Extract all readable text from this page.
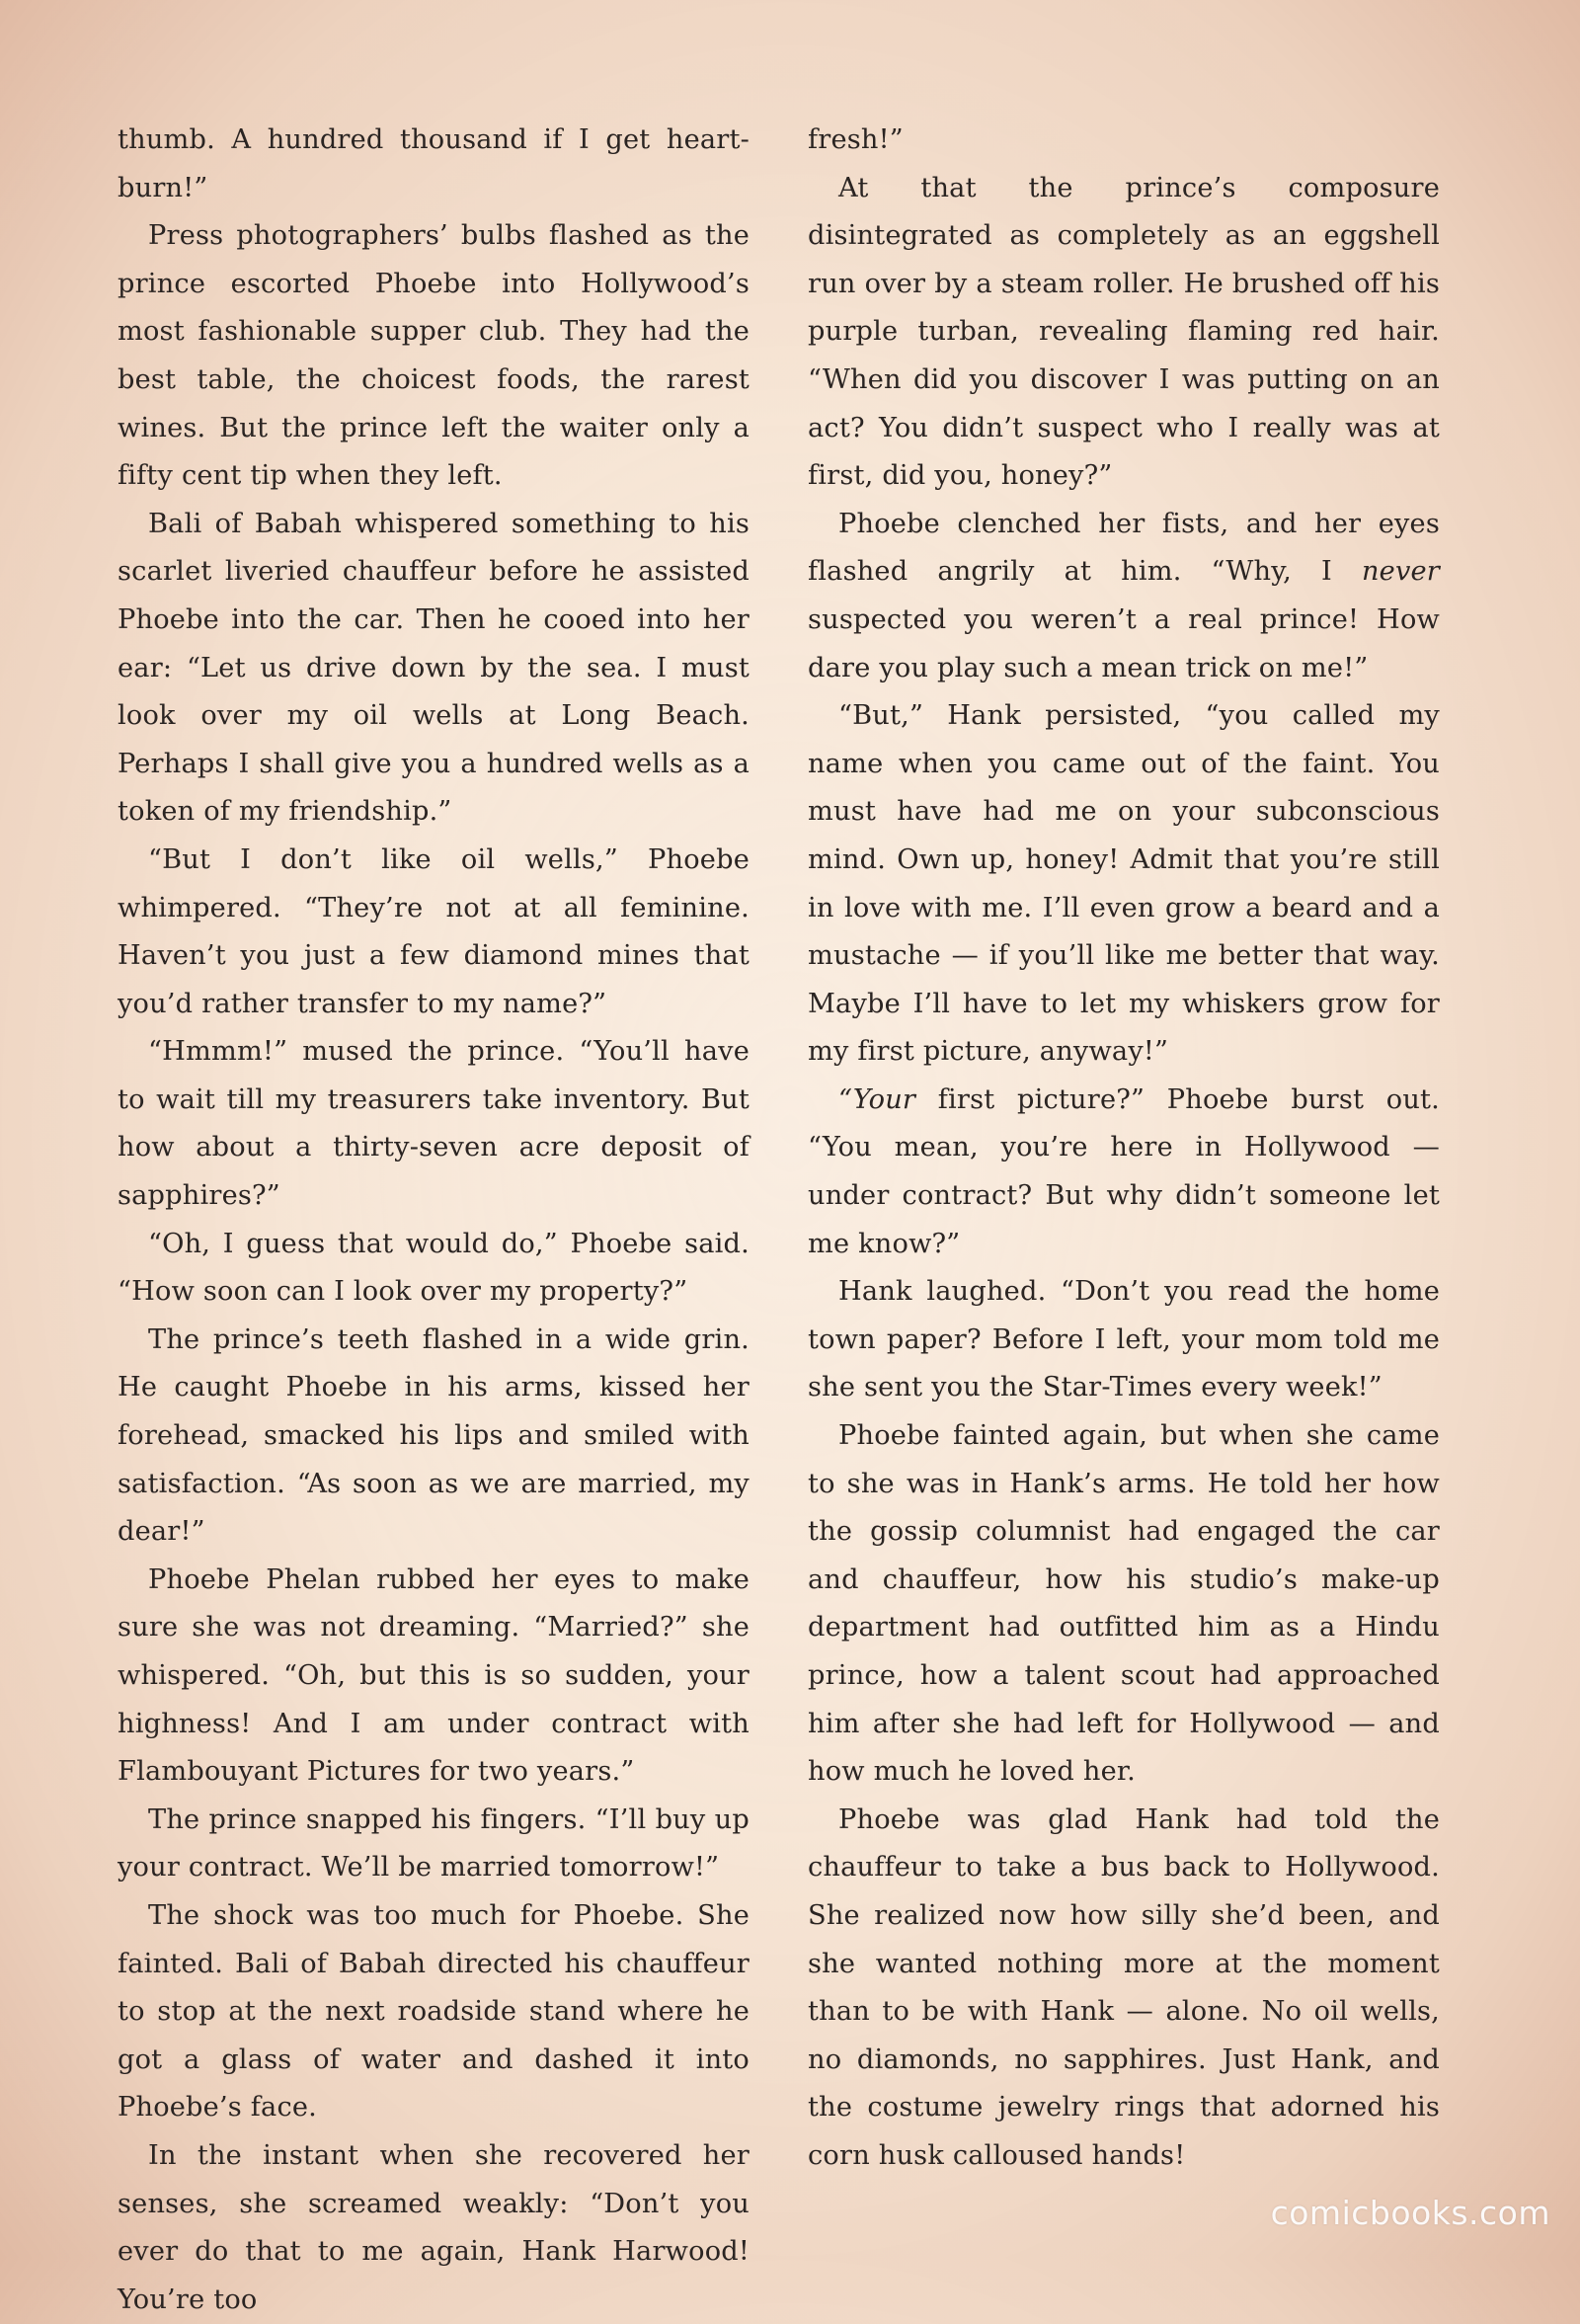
thumb. A hundred thousand if I get heart-burn!”

Press photographers’ bulbs flashed as the prince escorted Phoebe into Hollywood’s most fashionable supper club. They had the best table, the choicest foods, the rarest wines. But the prince left the waiter only a fifty cent tip when they left.

Bali of Babah whispered something to his scarlet liveried chauffeur before he assisted Phoebe into the car. Then he cooed into her ear: “Let us drive down by the sea. I must look over my oil wells at Long Beach. Perhaps I shall give you a hundred wells as a token of my friendship.”

“But I don’t like oil wells,” Phoebe whimpered. “They’re not at all feminine. Haven’t you just a few diamond mines that you’d rather transfer to my name?”

“Hmmm!” mused the prince. “You’ll have to wait till my treasurers take inventory. But how about a thirty-seven acre deposit of sapphires?”

“Oh, I guess that would do,” Phoebe said. “How soon can I look over my property?”

The prince’s teeth flashed in a wide grin. He caught Phoebe in his arms, kissed her forehead, smacked his lips and smiled with satisfaction. “As soon as we are married, my dear!”

Phoebe Phelan rubbed her eyes to make sure she was not dreaming. “Married?” she whispered. “Oh, but this is so sudden, your highness! And I am under contract with Flambouyant Pictures for two years.”

The prince snapped his fingers. “I’ll buy up your contract. We’ll be married tomorrow!”

The shock was too much for Phoebe. She fainted. Bali of Babah directed his chauffeur to stop at the next roadside stand where he got a glass of water and dashed it into Phoebe’s face.

In the instant when she recovered her senses, she screamed weakly: “Don’t you ever do that to me again, Hank Harwood! You’re too

fresh!”

At that the prince’s composure disintegrated as completely as an eggshell run over by a steam roller. He brushed off his purple turban, revealing flaming red hair. “When did you discover I was putting on an act? You didn’t suspect who I really was at first, did you, honey?”

Phoebe clenched her fists, and her eyes flashed angrily at him. “Why, I never suspected you weren’t a real prince! How dare you play such a mean trick on me!”

“But,” Hank persisted, “you called my name when you came out of the faint. You must have had me on your subconscious mind. Own up, honey! Admit that you’re still in love with me. I’ll even grow a beard and a mustache — if you’ll like me better that way. Maybe I’ll have to let my whiskers grow for my first picture, anyway!”

“Your first picture?” Phoebe burst out. “You mean, you’re here in Hollywood — under contract? But why didn’t someone let me know?”

Hank laughed. “Don’t you read the home town paper? Before I left, your mom told me she sent you the Star-Times every week!”

Phoebe fainted again, but when she came to she was in Hank’s arms. He told her how the gossip columnist had engaged the car and chauffeur, how his studio’s make-up department had outfitted him as a Hindu prince, how a talent scout had approached him after she had left for Hollywood — and how much he loved her.

Phoebe was glad Hank had told the chauffeur to take a bus back to Hollywood. She realized now how silly she’d been, and she wanted nothing more at the moment than to be with Hank — alone. No oil wells, no diamonds, no sapphires. Just Hank, and the costume jewelry rings that adorned his corn husk calloused hands!

comicbooks.com
